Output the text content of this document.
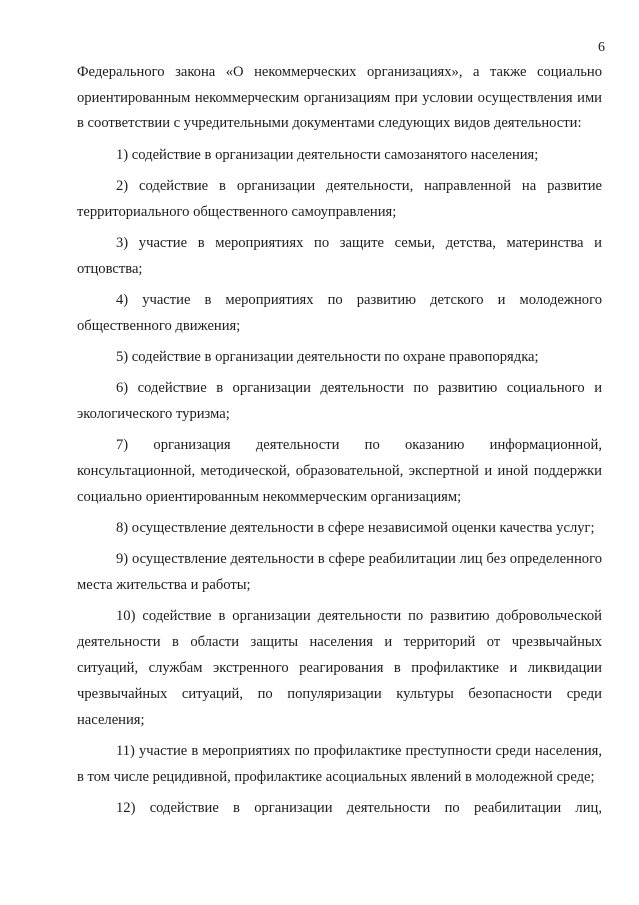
6

Федерального закона «О некоммерческих организациях», а также социально ориентированным некоммерческим организациям при условии осуществления ими в соответствии с учредительными документами следующих видов деятельности:

1) содействие в организации деятельности самозанятого населения;

2) содействие в организации деятельности, направленной на развитие территориального общественного самоуправления;

3) участие в мероприятиях по защите семьи, детства, материнства и отцовства;

4) участие в мероприятиях по развитию детского и молодежного общественного движения;

5) содействие в организации деятельности по охране правопорядка;

6) содействие в организации деятельности по развитию социального и экологического туризма;

7) организация деятельности по оказанию информационной, консультационной, методической, образовательной, экспертной и иной поддержки социально ориентированным некоммерческим организациям;

8) осуществление деятельности в сфере независимой оценки качества услуг;

9) осуществление деятельности в сфере реабилитации лиц без определенного места жительства и работы;

10) содействие в организации деятельности по развитию добровольческой деятельности в области защиты населения и территорий от чрезвычайных ситуаций, службам экстренного реагирования в профилактике и ликвидации чрезвычайных ситуаций, по популяризации культуры безопасности среди населения;

11) участие в мероприятиях по профилактике преступности среди населения, в том числе рецидивной, профилактике асоциальных явлений в молодежной среде;

12) содействие в организации деятельности по реабилитации лиц,
